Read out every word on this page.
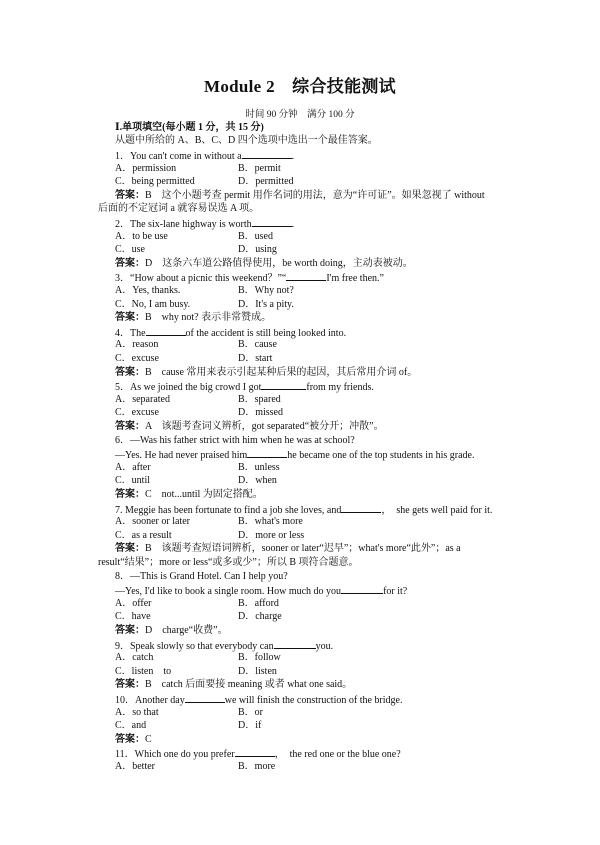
Module 2　综合技能测试
时间 90 分钟　满分 100 分
Ⅰ.单项填空(每小题 1 分，共 15 分)
从题中所给的 A、B、C、D 四个选项中选出一个最佳答案。
1．You can't come in without a	.
A．permission	B．permit
C．being permitted	D．permitted
答案：B　这个小题考查 permit 用作名词的用法，意为“许可证”。如果忽视了 without
后面的不定冠词 a 就容易误选 A 项。
2．The six-lane highway is worth	.
A．to be use	B．used
C．use	D．using
答案：D　这条六车道公路值得使用，be worth doing，主动表被动。
3．“How about a picnic this weekend？”“	I'm free then.”
A．Yes, thanks.	B．Why not?
C．No, I am busy.	D．It's a pity.
答案：B　why not? 表示非常赞成。
4．The	of the accident is still being looked into.
A．reason	B．cause
C．excuse	D．start
答案：B　cause 常用来表示引起某种后果的起因，其后常用介词 of。
5．As we joined the big crowd I got	from my friends.
A．separated	B．spared
C．excuse	D．missed
答案：A　该题考查词义辨析，got separated“被分开；冲散”。
6．—Was his father strict with him when he was at school?
—Yes. He had never praised him	he became one of the top students in his grade.
A．after	B．unless
C．until	D．when
答案：C　not...until 为固定搭配。
7. Meggie has been fortunate to find a job she loves, and	，　she gets well paid for it.
A．sooner or later	B．what's more
C．as a result	D．more or less
答案：B　该题考查短语词辨析，sooner or later“迟早”；what's more“此外”；as a
result“结果”；more or less“或多或少”；所以 B 项符合题意。
8．—This is Grand Hotel. Can I help you?
—Yes, I'd like to book a single room. How much do you	for it?
A．offer	B．afford
C．have	D．charge
答案：D　charge“收费”。
9．Speak slowly so that everybody can	you.
A．catch	B．follow
C．listen　to	D．listen
答案：B　catch 后面要接 meaning 或者 what one said。
10．Another day	we will finish the construction of the bridge.
A．so that	B．or
C．and	D．if
答案：C
11．Which one do you prefer	，　the red one or the blue one?
A．better	B．more
